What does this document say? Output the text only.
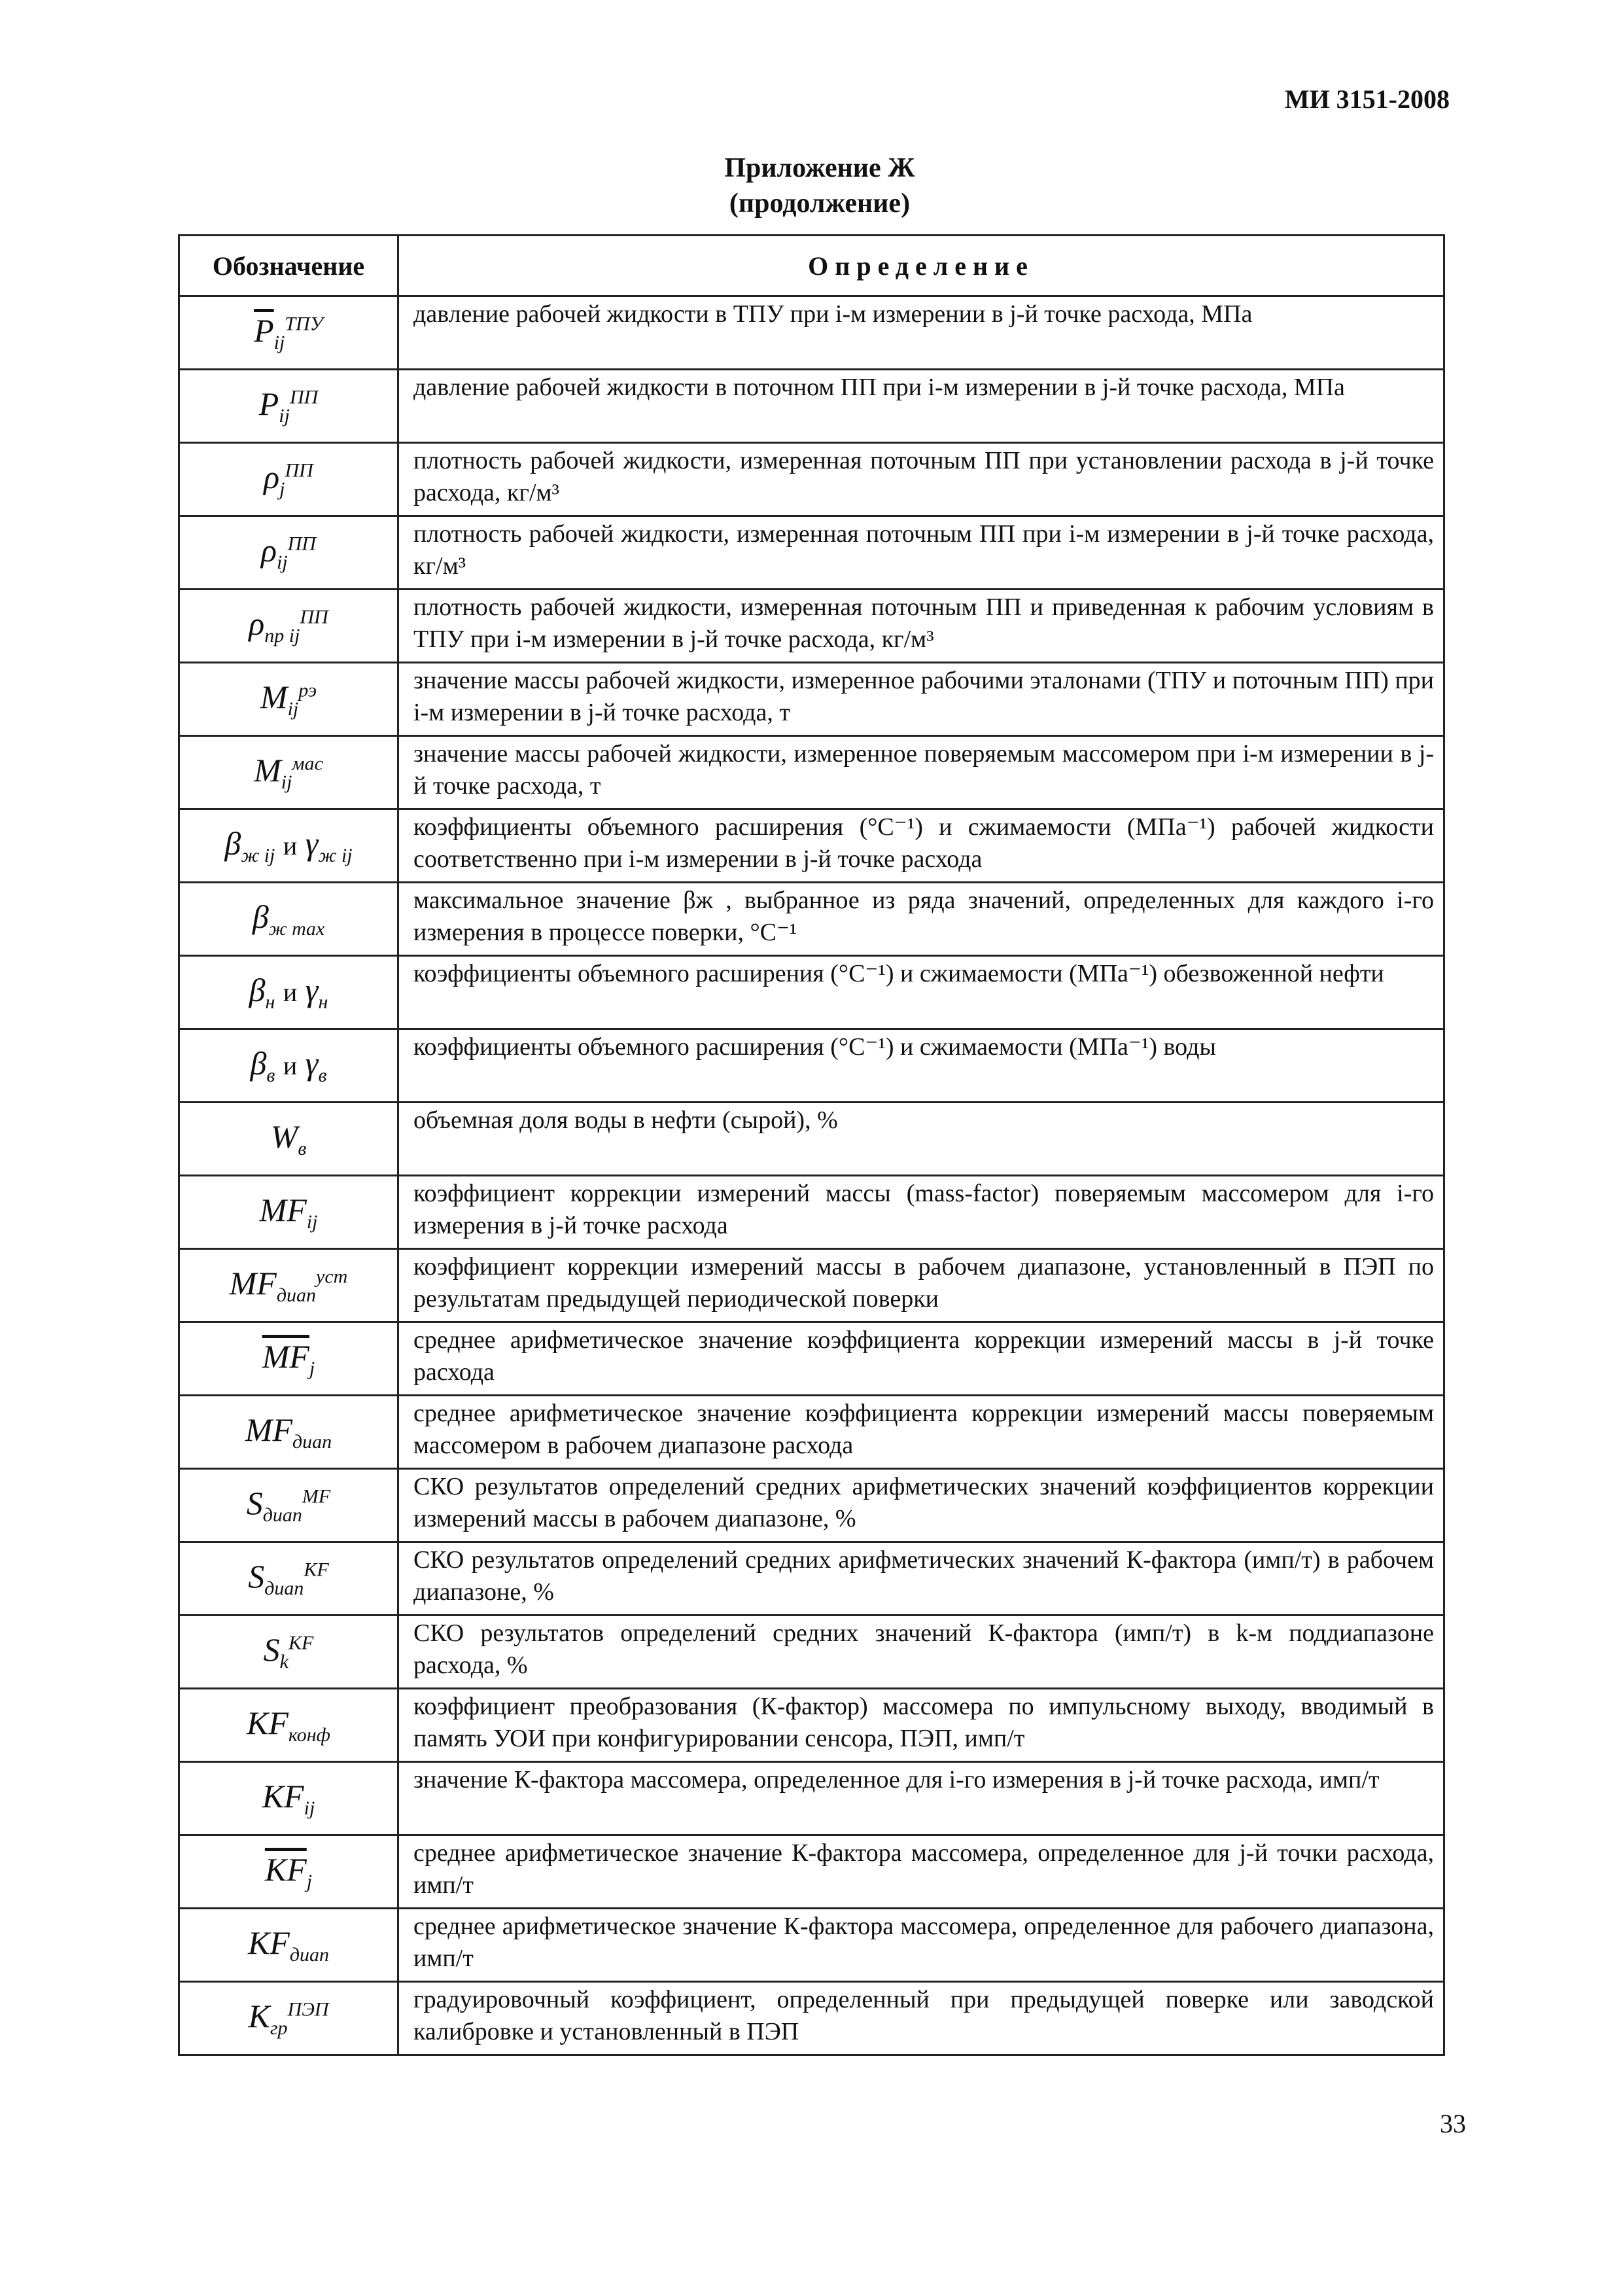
МИ 3151-2008
Приложение Ж
(продолжение)
Обозначение	Определение
$\overline{P}_{ij}^{ТПУ}$	давление рабочей жидкости в ТПУ при i-м измерении в j-й точке расхода, МПа
$P_{ij}^{ПП}$	давление рабочей жидкости в поточном ПП при i-м измерении в j-й точке расхода, МПа
$\rho_j^{ПП}$	плотность рабочей жидкости, измеренная поточным ПП при установлении расхода в j-й точке расхода, кг/м³
$\rho_{ij}^{ПП}$	плотность рабочей жидкости, измеренная поточным ПП при i-м измерении в j-й точке расхода, кг/м³
$\rho_{пр ij}^{ПП}$	плотность рабочей жидкости, измеренная поточным ПП и приведенная к рабочим условиям в ТПУ при i-м измерении в j-й точке расхода, кг/м³
$M_{ij}^{рэ}$	значение массы рабочей жидкости, измеренное рабочими эталонами (ТПУ и поточным ПП) при i-м измерении в j-й точке расхода, т
$M_{ij}^{мас}$	значение массы рабочей жидкости, измеренное поверяемым массомером при i-м измерении в j-й точке расхода, т
$\beta_{ж ij}$ и $\gamma_{ж ij}$	коэффициенты объемного расширения (°C⁻¹) и сжимаемости (МПа⁻¹) рабочей жидкости соответственно при i-м измерении в j-й точке расхода
$\beta_{ж max}$	максимальное значение βж , выбранное из ряда значений, определенных для каждого i-го измерения в процессе поверки, °C⁻¹
$\beta_н$ и $\gamma_н$	коэффициенты объемного расширения (°C⁻¹) и сжимаемости (МПа⁻¹) обезвоженной нефти
$\beta_в$ и $\gamma_в$	коэффициенты объемного расширения (°C⁻¹) и сжимаемости (МПа⁻¹) воды
$W_в$	объемная доля воды в нефти (сырой), %
$MF_{ij}$	коэффициент коррекции измерений массы (mass-factor) поверяемым массомером для i-го измерения в j-й точке расхода
$MF_{диап}^{уст}$	коэффициент коррекции измерений массы в рабочем диапазоне, установленный в ПЭП по результатам предыдущей периодической поверки
$\overline{MF}_j$	среднее арифметическое значение коэффициента коррекции измерений массы в j-й точке расхода
$MF_{диап}$	среднее арифметическое значение коэффициента коррекции измерений массы поверяемым массомером в рабочем диапазоне расхода
$S_{диап}^{MF}$	СКО результатов определений средних арифметических значений коэффициентов коррекции измерений массы в рабочем диапазоне, %
$S_{диап}^{KF}$	СКО результатов определений средних арифметических значений К-фактора (имп/т) в рабочем диапазоне, %
$S_k^{KF}$	СКО результатов определений средних значений К-фактора (имп/т) в k-м поддиапазоне расхода, %
$KF_{конф}$	коэффициент преобразования (К-фактор) массомера по импульсному выходу, вводимый в память УОИ при конфигурировании сенсора, ПЭП, имп/т
$KF_{ij}$	значение К-фактора массомера, определенное для i-го измерения в j-й точке расхода, имп/т
$\overline{KF}_j$	среднее арифметическое значение К-фактора массомера, определенное для j-й точки расхода, имп/т
$KF_{диап}$	среднее арифметическое значение К-фактора массомера, определенное для рабочего диапазона, имп/т
$K_{гр}^{ПЭП}$	градуировочный коэффициент, определенный при предыдущей поверке или заводской калибровке и установленный в ПЭП
33
